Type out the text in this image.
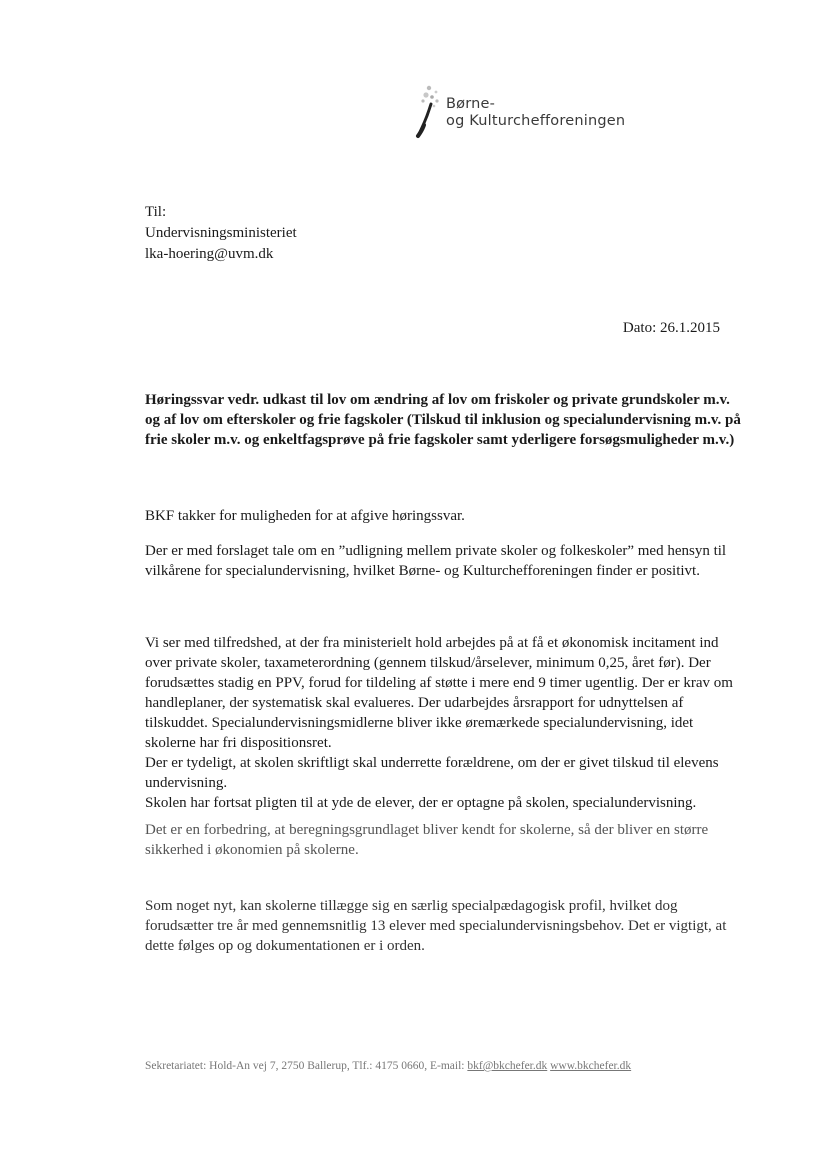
Børne-
og Kulturchefforeningen
Til:
Undervisningsministeriet
lka-hoering@uvm.dk
Dato: 26.1.2015
Høringssvar vedr. udkast til lov om ændring af lov om friskoler og private grundskoler m.v. og af lov om efterskoler og frie fagskoler (Tilskud til inklusion og specialundervisning m.v. på frie skoler m.v. og enkeltfagsprøve på frie fagskoler samt yderligere forsøgsmuligheder m.v.)
BKF takker for muligheden for at afgive høringssvar.
Der er med forslaget tale om en ”udligning mellem private skoler og folkeskoler” med hensyn til vilkårene for specialundervisning, hvilket Børne- og Kulturchefforeningen finder er positivt.
Vi ser med tilfredshed, at der fra ministerielt hold arbejdes på at få et økonomisk incitament ind over private skoler, taxameterordning (gennem tilskud/årselever, minimum 0,25, året før). Der forudsættes stadig en PPV, forud for tildeling af støtte i mere end 9 timer ugentlig. Der er krav om handleplaner, der systematisk skal evalueres. Der udarbejdes årsrapport for udnyttelsen af tilskuddet. Specialundervisningsmidlerne bliver ikke øremærkede specialundervisning, idet skolerne har fri dispositionsret.
Der er tydeligt, at skolen skriftligt skal underrette forældrene, om der er givet tilskud til elevens undervisning.
Skolen har fortsat pligten til at yde de elever, der er optagne på skolen, specialundervisning.
Det er en forbedring, at beregningsgrundlaget bliver kendt for skolerne, så der bliver en større sikkerhed i økonomien på skolerne.
Som noget nyt, kan skolerne tillægge sig en særlig specialpædagogisk profil, hvilket dog forudsætter tre år med gennemsnitlig 13 elever med specialundervisningsbehov. Det er vigtigt, at dette følges op og dokumentationen er i orden.
Sekretariatet: Hold-An vej 7, 2750 Ballerup, Tlf.: 4175 0660, E-mail: bkf@bkchefer.dk www.bkchefer.dk
